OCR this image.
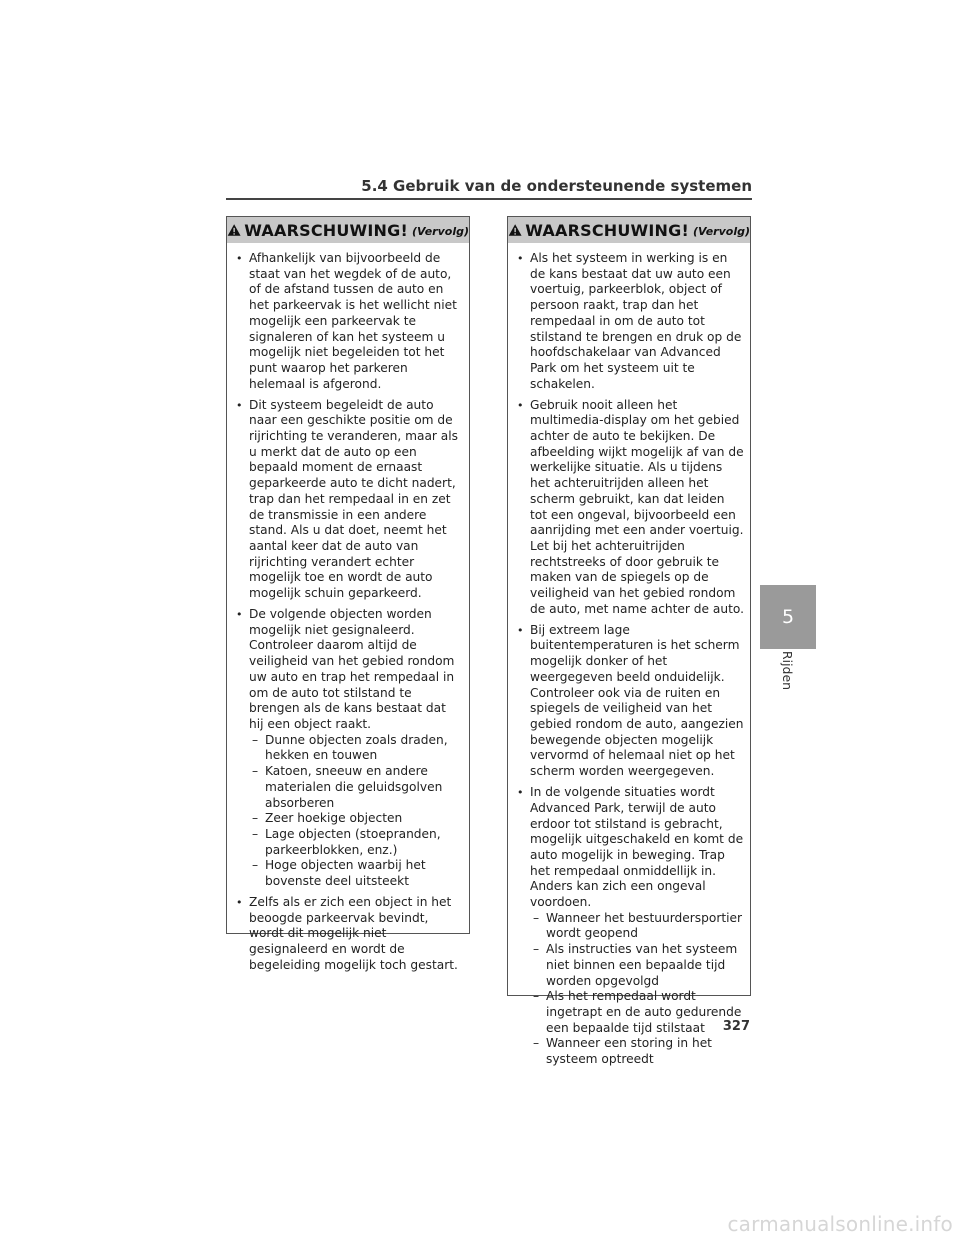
5.4 Gebruik van de ondersteunende systemen
WAARSCHUWING! (Vervolg)
• Afhankelijk van bijvoorbeeld de staat van het wegdek of de auto, of de afstand tussen de auto en het parkeervak is het wellicht niet mogelijk een parkeervak te signaleren of kan het systeem u mogelijk niet begeleiden tot het punt waarop het parkeren helemaal is afgerond.
• Dit systeem begeleidt de auto naar een geschikte positie om de rijrichting te veranderen, maar als u merkt dat de auto op een bepaald moment de ernaast geparkeerde auto te dicht nadert, trap dan het rempedaal in en zet de transmissie in een andere stand. Als u dat doet, neemt het aantal keer dat de auto van rijrichting verandert echter mogelijk toe en wordt de auto mogelijk schuin geparkeerd.
• De volgende objecten worden mogelijk niet gesignaleerd. Controleer daarom altijd de veiligheid van het gebied rondom uw auto en trap het rempedaal in om de auto tot stilstand te brengen als de kans bestaat dat hij een object raakt.
– Dunne objecten zoals draden, hekken en touwen
– Katoen, sneeuw en andere materialen die geluidsgolven absorberen
– Zeer hoekige objecten
– Lage objecten (stoepranden, parkeerblokken, enz.)
– Hoge objecten waarbij het bovenste deel uitsteekt
• Zelfs als er zich een object in het beoogde parkeervak bevindt, wordt dit mogelijk niet gesignaleerd en wordt de begeleiding mogelijk toch gestart.
WAARSCHUWING! (Vervolg)
• Als het systeem in werking is en de kans bestaat dat uw auto een voertuig, parkeerblok, object of persoon raakt, trap dan het rempedaal in om de auto tot stilstand te brengen en druk op de hoofdschakelaar van Advanced Park om het systeem uit te schakelen.
• Gebruik nooit alleen het multimedia-display om het gebied achter de auto te bekijken. De afbeelding wijkt mogelijk af van de werkelijke situatie. Als u tijdens het achteruitrijden alleen het scherm gebruikt, kan dat leiden tot een ongeval, bijvoorbeeld een aanrijding met een ander voertuig. Let bij het achteruitrijden rechtstreeks of door gebruik te maken van de spiegels op de veiligheid van het gebied rondom de auto, met name achter de auto.
• Bij extreem lage buitentemperaturen is het scherm mogelijk donker of het weergegeven beeld onduidelijk. Controleer ook via de ruiten en spiegels de veiligheid van het gebied rondom de auto, aangezien bewegende objecten mogelijk vervormd of helemaal niet op het scherm worden weergegeven.
• In de volgende situaties wordt Advanced Park, terwijl de auto erdoor tot stilstand is gebracht, mogelijk uitgeschakeld en komt de auto mogelijk in beweging. Trap het rempedaal onmiddellijk in. Anders kan zich een ongeval voordoen.
– Wanneer het bestuurdersportier wordt geopend
– Als instructies van het systeem niet binnen een bepaalde tijd worden opgevolgd
– Als het rempedaal wordt ingetrapt en de auto gedurende een bepaalde tijd stilstaat
– Wanneer een storing in het systeem optreedt
5
Rijden
327
carmanualsonline.info
